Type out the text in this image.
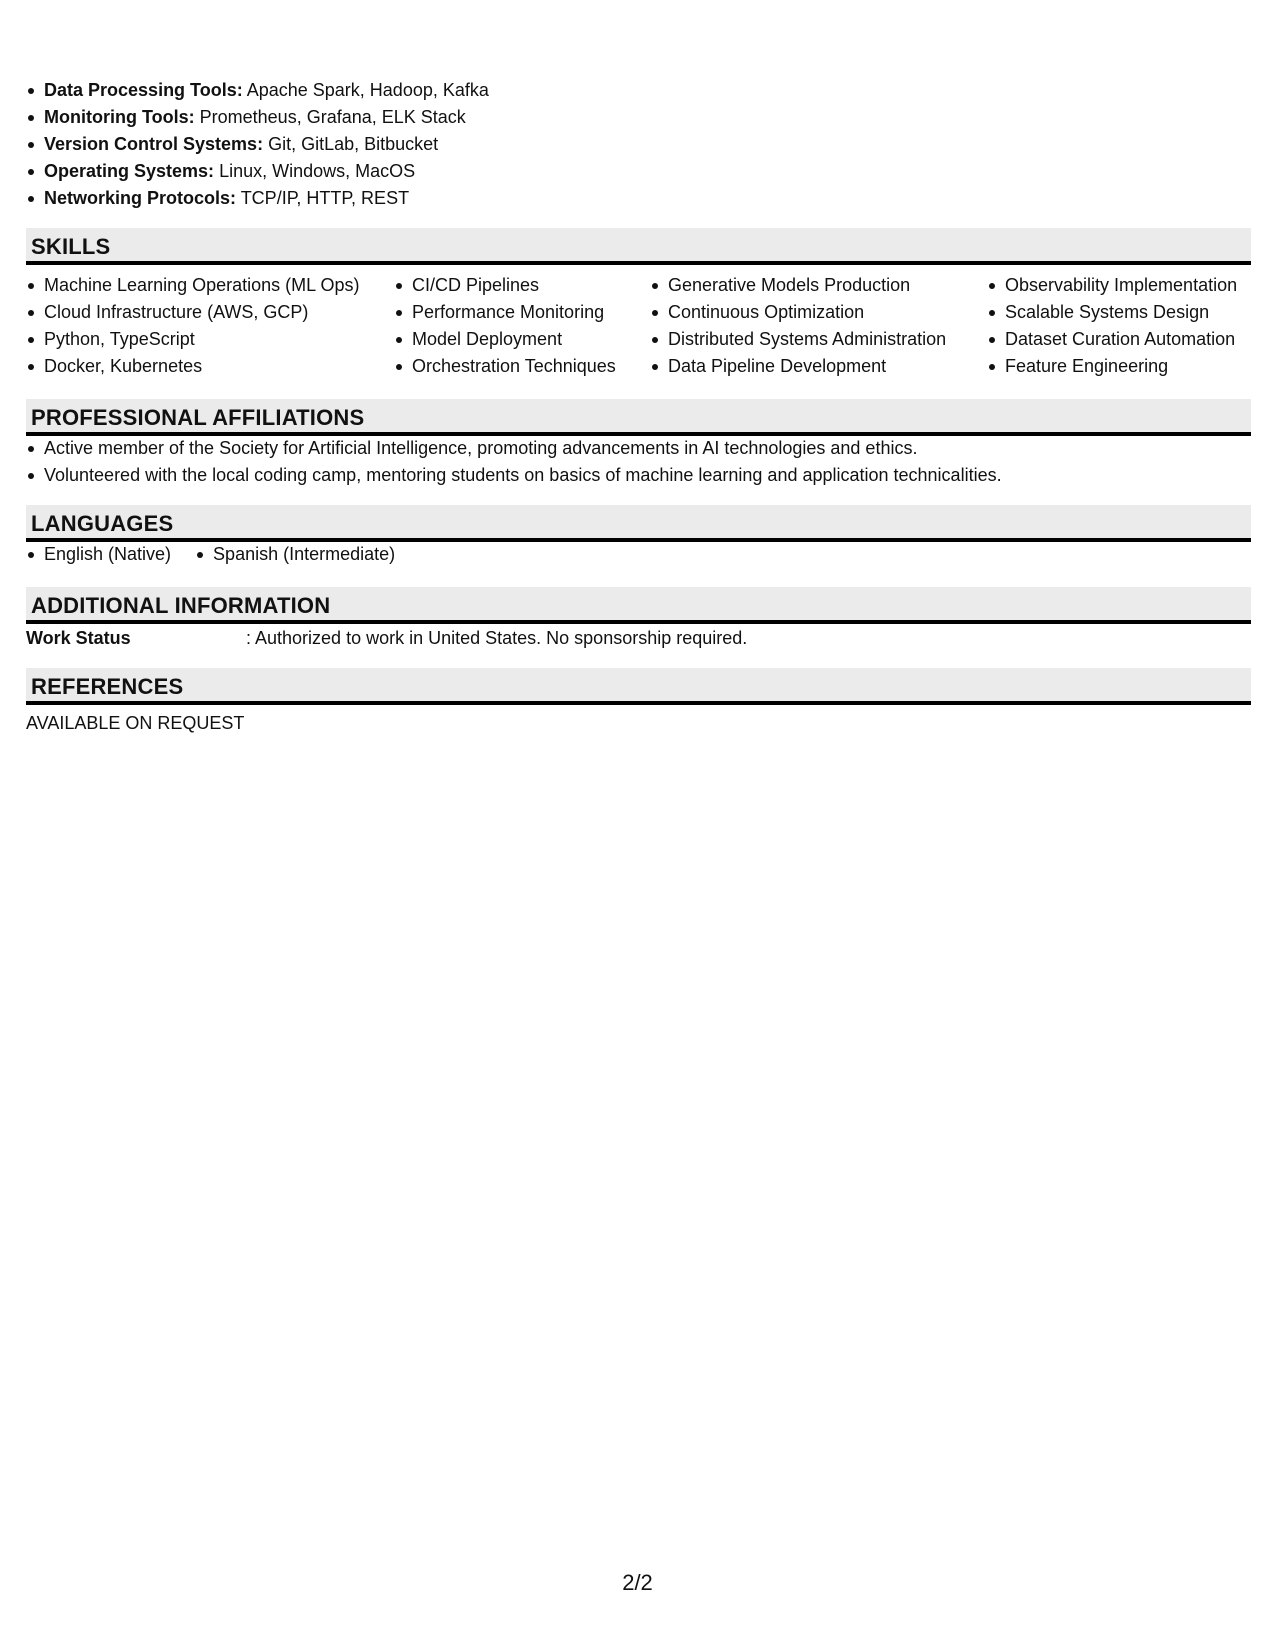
Data Processing Tools: Apache Spark, Hadoop, Kafka
Monitoring Tools: Prometheus, Grafana, ELK Stack
Version Control Systems: Git, GitLab, Bitbucket
Operating Systems: Linux, Windows, MacOS
Networking Protocols: TCP/IP, HTTP, REST
SKILLS
Machine Learning Operations (ML Ops)
Cloud Infrastructure (AWS, GCP)
Python, TypeScript
Docker, Kubernetes
CI/CD Pipelines
Performance Monitoring
Model Deployment
Orchestration Techniques
Generative Models Production
Continuous Optimization
Distributed Systems Administration
Data Pipeline Development
Observability Implementation
Scalable Systems Design
Dataset Curation Automation
Feature Engineering
PROFESSIONAL AFFILIATIONS
Active member of the Society for Artificial Intelligence, promoting advancements in AI technologies and ethics.
Volunteered with the local coding camp, mentoring students on basics of machine learning and application technicalities.
LANGUAGES
English (Native)	Spanish (Intermediate)
ADDITIONAL INFORMATION
Work Status	: Authorized to work in United States. No sponsorship required.
REFERENCES
AVAILABLE ON REQUEST
2/2
